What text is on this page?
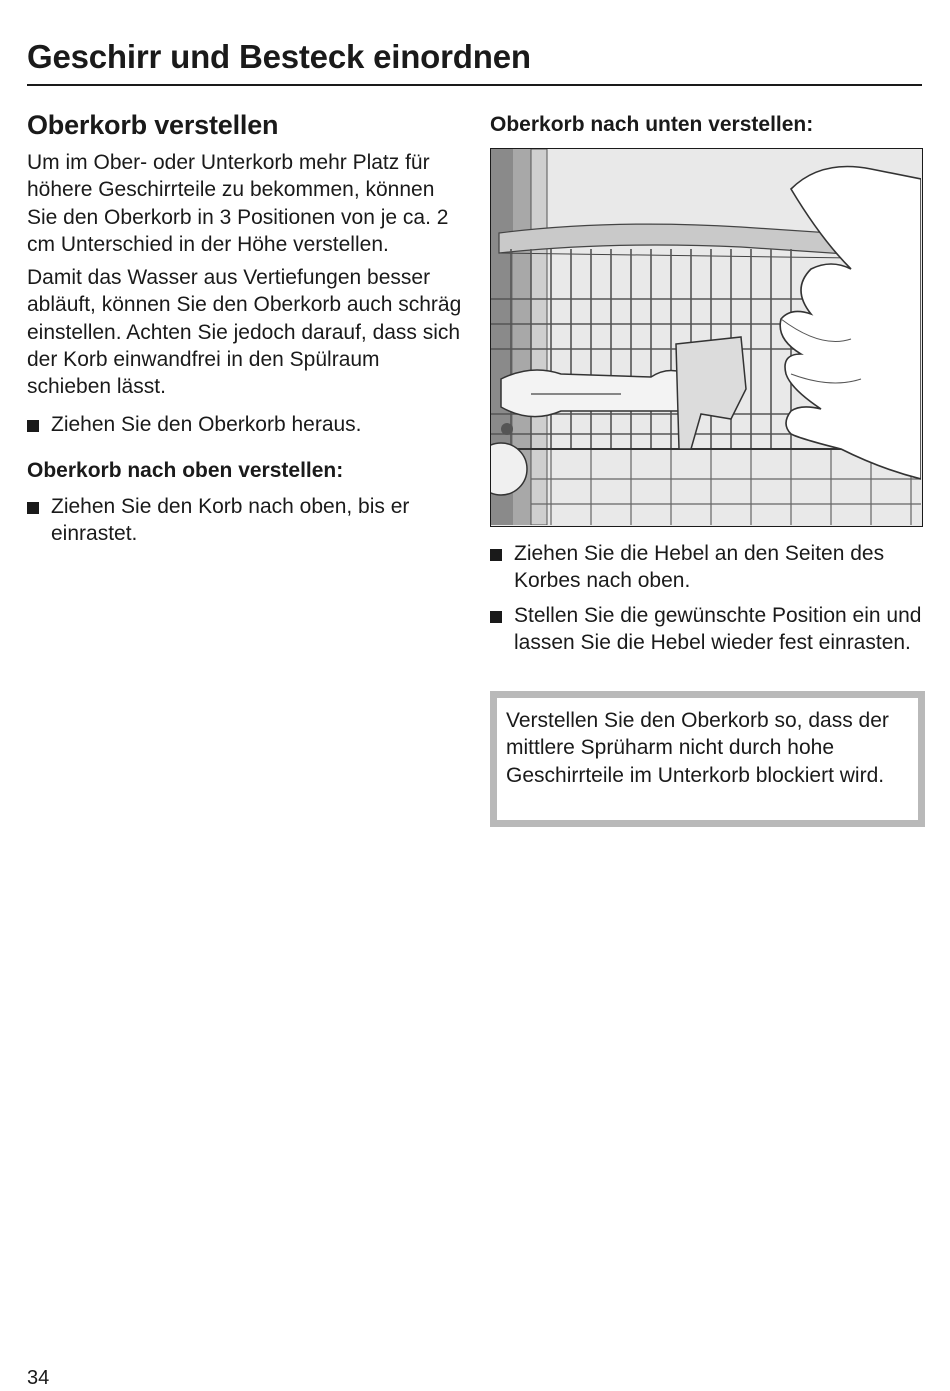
Geschirr und Besteck einordnen
Oberkorb verstellen

Um im Ober- oder Unterkorb mehr Platz für höhere Geschirrteile zu bekommen, können Sie den Oberkorb in 3 Positionen von je ca. 2 cm Unterschied in der Höhe verstellen.

Damit das Wasser aus Vertiefungen besser abläuft, können Sie den Oberkorb auch schräg einstellen. Achten Sie jedoch darauf, dass sich der Korb einwandfrei in den Spülraum schieben lässt.

Ziehen Sie den Oberkorb heraus.
Oberkorb nach oben verstellen:
Ziehen Sie den Korb nach oben, bis er einrastet.
Oberkorb nach unten verstellen:
Ziehen Sie die Hebel an den Seiten des Korbes nach oben.
Stellen Sie die gewünschte Position ein und lassen Sie die Hebel wieder fest einrasten.
Verstellen Sie den Oberkorb so, dass der mittlere Sprüharm nicht durch hohe Geschirrteile im Unterkorb blockiert wird.
34
